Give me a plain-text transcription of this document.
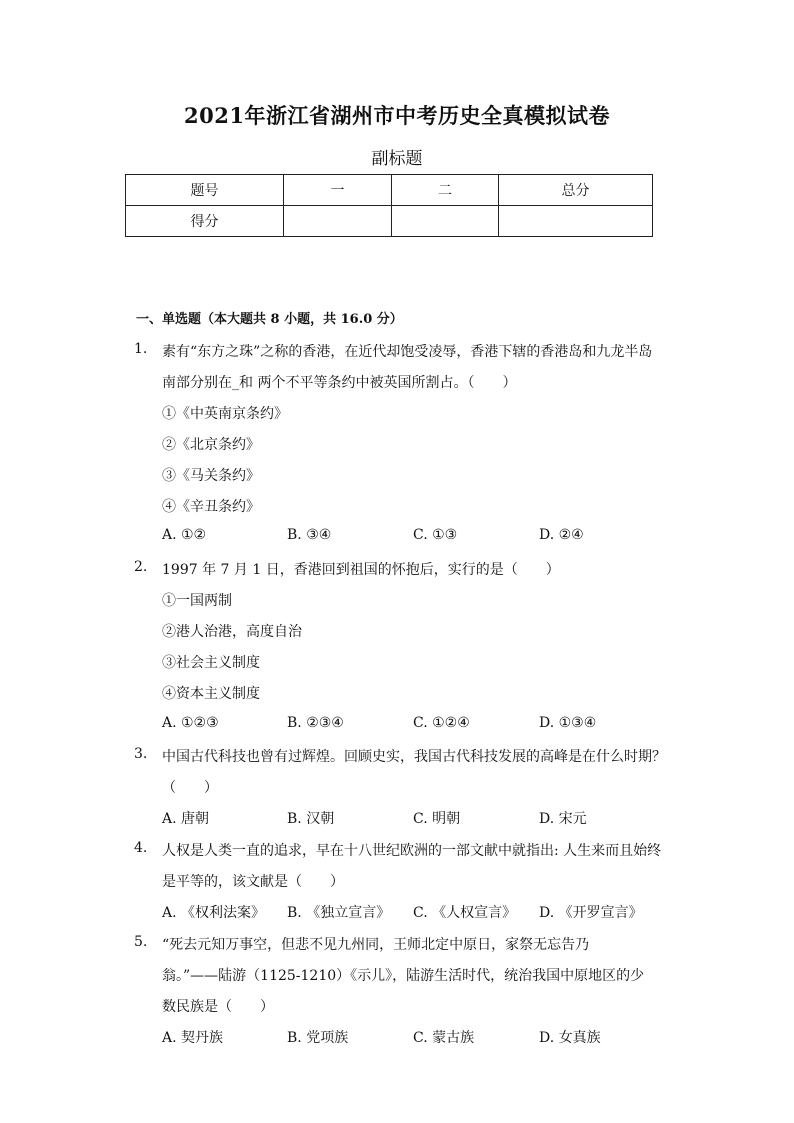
2021年浙江省湖州市中考历史全真模拟试卷
副标题
题号	一	二	总分
得分			
一、单选题（本大题共 8 小题，共 16.0 分）
1.	素有“东方之珠”之称的香港，在近代却饱受凌辱，香港下辖的香港岛和九龙半岛
南部分别在_和 两个不平等条约中被英国所割占。（　　）
①《中英南京条约》
②《北京条约》
③《马关条约》
④《辛丑条约》
A. ①②	B. ③④	C. ①③	D. ②④
2.	1997 年 7 月 1 日，香港回到祖国的怀抱后，实行的是（　　）
①一国两制
②港人治港，高度自治
③社会主义制度
④资本主义制度
A. ①②③	B. ②③④	C. ①②④	D. ①③④
3.	中国古代科技也曾有过辉煌。回顾史实，我国古代科技发展的高峰是在什么时期？
（　　）
A. 唐朝	B. 汉朝	C. 明朝	D. 宋元
4.	人权是人类一直的追求，早在十八世纪欧洲的一部文献中就指出: 人生来而且始终
是平等的，该文献是（　　）
A. 《权利法案》 B. 《独立宣言》 C. 《人权宣言》 D. 《开罗宣言》
5.	“死去元知万事空，但悲不见九州同，王师北定中原日，家祭无忘告乃
翁。”——陆游（1125-1210）《示儿》，陆游生活时代，统治我国中原地区的少
数民族是（　　）
A. 契丹族	B. 党项族	C. 蒙古族	D. 女真族
